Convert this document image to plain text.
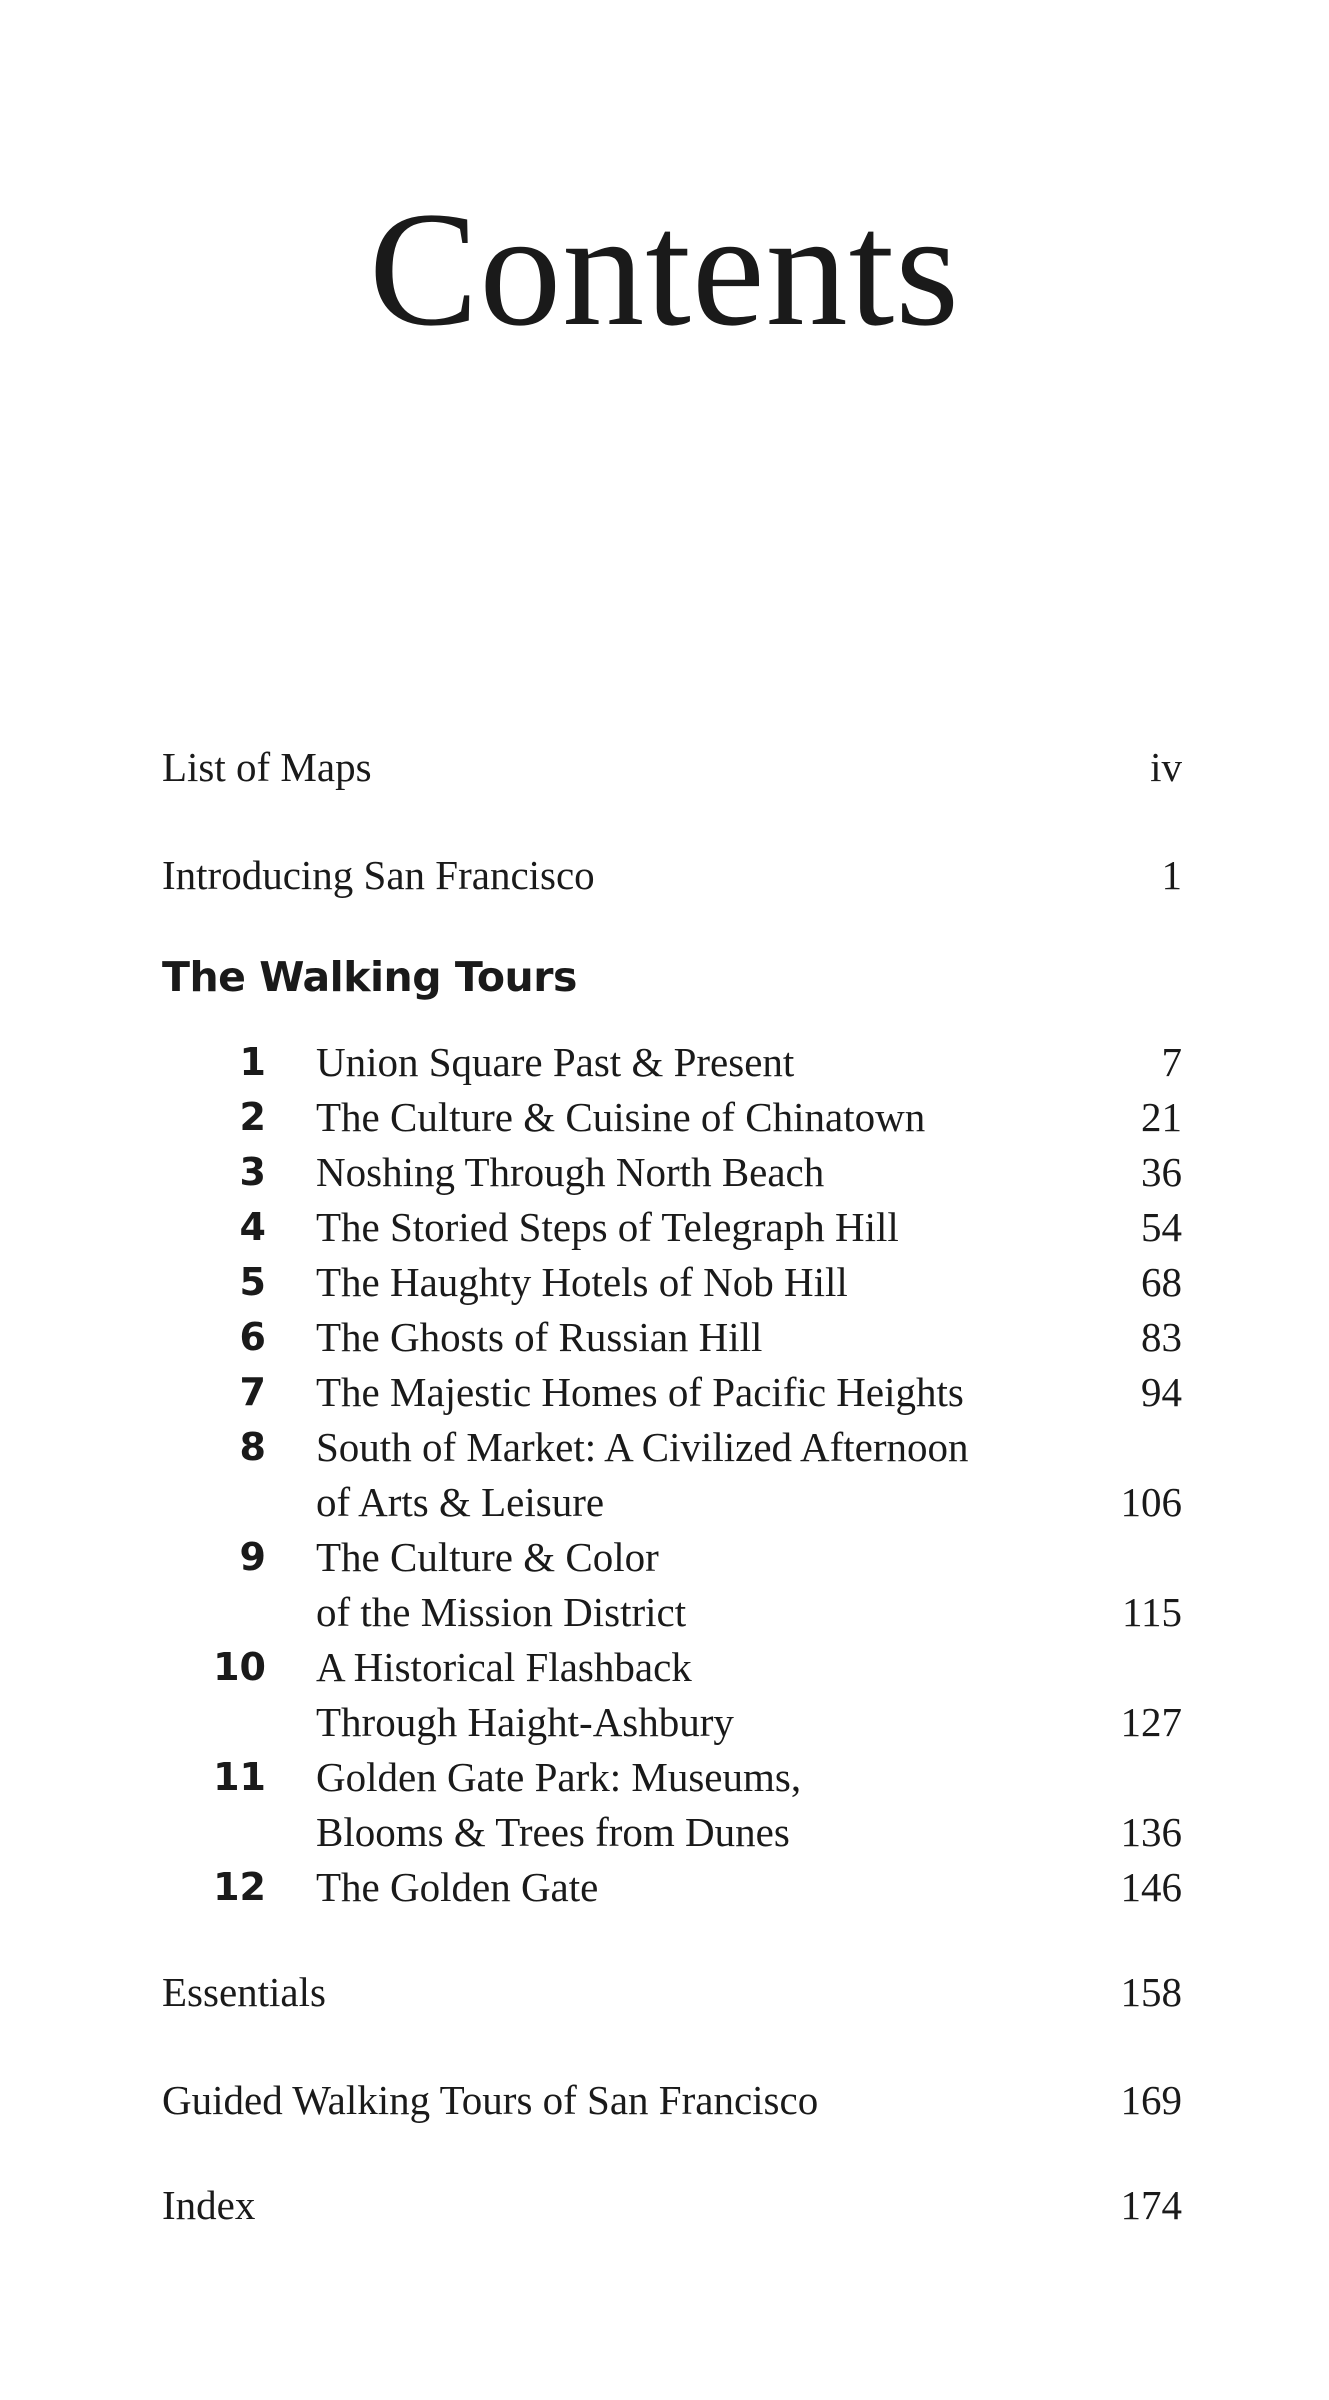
Contents
List of Maps	iv
Introducing San Francisco	1
The Walking Tours
1 Union Square Past & Present	7
2 The Culture & Cuisine of Chinatown	21
3 Noshing Through North Beach	36
4 The Storied Steps of Telegraph Hill	54
5 The Haughty Hotels of Nob Hill	68
6 The Ghosts of Russian Hill	83
7 The Majestic Homes of Pacific Heights	94
8 South of Market: A Civilized Afternoon
of Arts & Leisure	106
9 The Culture & Color
of the Mission District	115
10 A Historical Flashback
Through Haight-Ashbury	127
11 Golden Gate Park: Museums,
Blooms & Trees from Dunes	136
12 The Golden Gate	146
Essentials	158
Guided Walking Tours of San Francisco	169
Index	174
